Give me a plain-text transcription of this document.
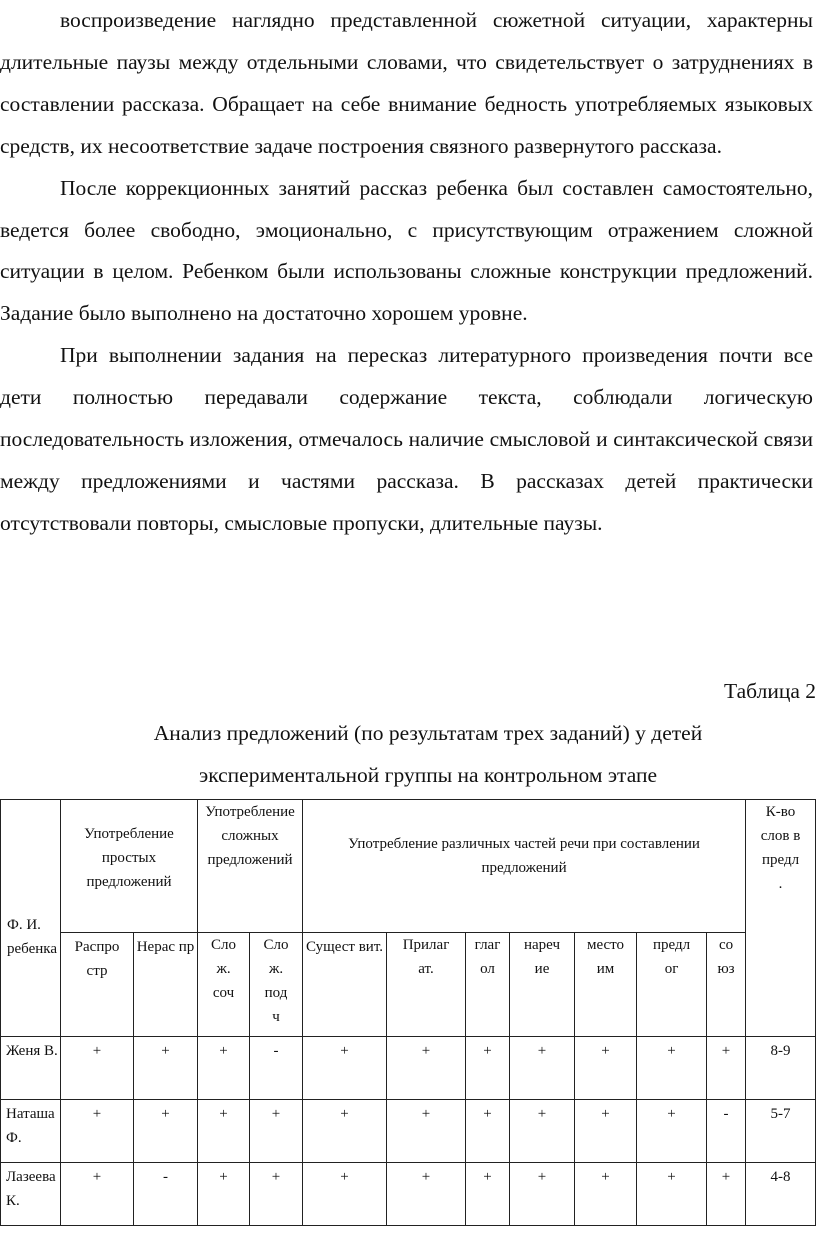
воспроизведение наглядно представленной сюжетной ситуации, характерны длительные паузы между отдельными словами, что свидетельствует о затруднениях в составлении рассказа. Обращает на себе внимание бедность употребляемых языковых средств, их несоответствие задаче построения связного развернутого рассказа.

После коррекционных занятий рассказ ребенка был составлен самостоятельно, ведется более свободно, эмоционально, с присутствующим отражением сложной ситуации в целом. Ребенком были использованы сложные конструкции предложений. Задание было выполнено на достаточно хорошем уровне.

При выполнении задания на пересказ литературного произведения почти все дети полностью передавали содержание текста, соблюдали логическую последовательность изложения, отмечалось наличие смысловой и синтаксической связи между предложениями и частями рассказа. В рассказах детей практически отсутствовали повторы, смысловые пропуски, длительные паузы.

Таблица 2
Анализ предложений (по результатам трех заданий) у детей
экспериментальной группы на контрольном этапе
Ф. И. ребенка	Употребление простых предложений		Употребление сложных предложений		Употребление различных частей речи при составлении предложений							К-во слов в предл.

	Распро стр	Нерас пр	Сло ж. соч	Сло ж. под ч	Сущест вит.	Прилаг ат.	глаг ол	нареч ие	место им	предл ог	со юз	
Женя В.	+	+	+	-	+	+	+	+	+	+	+	8-9
Наташа Ф.	+	+	+	+	+	+	+	+	+	+	-	5-7
Лазеева К.	+	-	+	+	+	+	+	+	+	+	+	4-8
